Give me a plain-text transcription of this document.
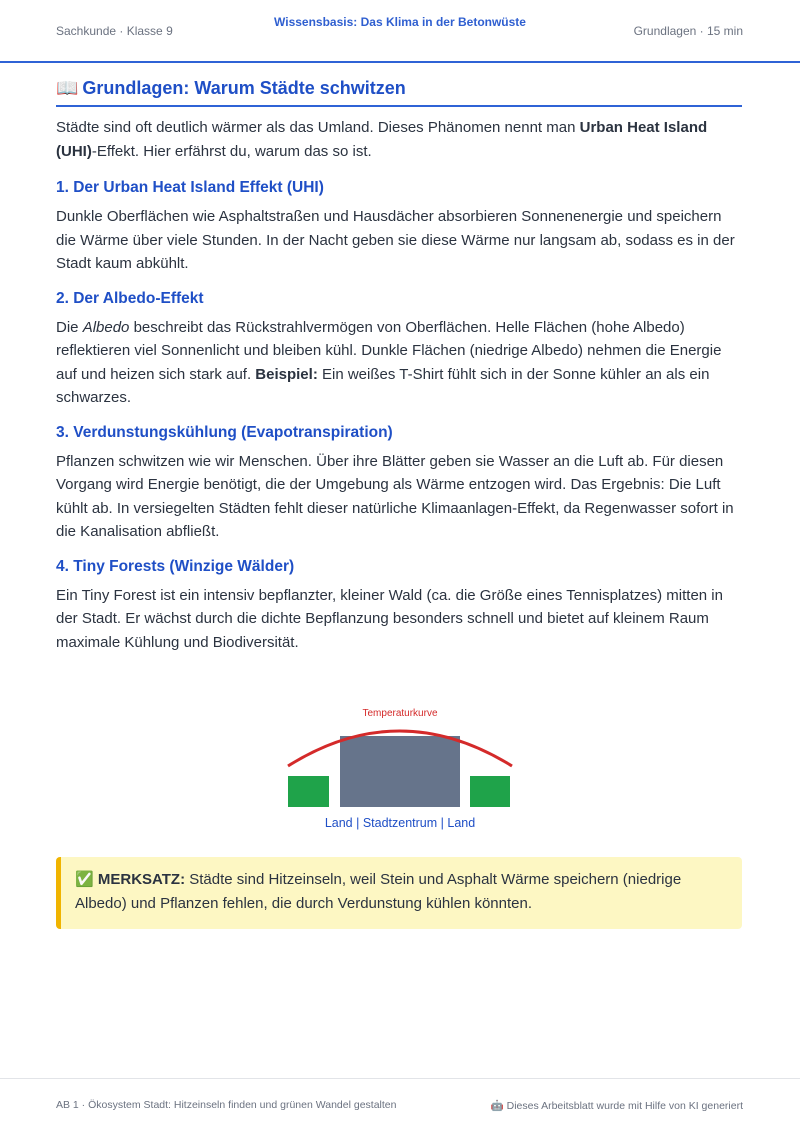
Sachkunde · Klasse 9
Wissensbasis: Das Klima in der Betonwüste
Grundlagen · 15 min
📖 Grundlagen: Warum Städte schwitzen

Städte sind oft deutlich wärmer als das Umland. Dieses Phänomen nennt man Urban Heat Island (UHI)-Effekt. Hier erfährst du, warum das so ist.

1. Der Urban Heat Island Effekt (UHI)

Dunkle Oberflächen wie Asphaltstraßen und Hausdächer absorbieren Sonnenenergie und speichern die Wärme über viele Stunden. In der Nacht geben sie diese Wärme nur langsam ab, sodass es in der Stadt kaum abkühlt.

2. Der Albedo-Effekt

Die Albedo beschreibt das Rückstrahlvermögen von Oberflächen. Helle Flächen (hohe Albedo) reflektieren viel Sonnenlicht und bleiben kühl. Dunkle Flächen (niedrige Albedo) nehmen die Energie auf und heizen sich stark auf. Beispiel: Ein weißes T-Shirt fühlt sich in der Sonne kühler an als ein schwarzes.

3. Verdunstungskühlung (Evapotranspiration)

Pflanzen schwitzen wie wir Menschen. Über ihre Blätter geben sie Wasser an die Luft ab. Für diesen Vorgang wird Energie benötigt, die der Umgebung als Wärme entzogen wird. Das Ergebnis: Die Luft kühlt ab. In versiegelten Städten fehlt dieser natürliche Klimaanlagen-Effekt, da Regenwasser sofort in die Kanalisation abfließt.

4. Tiny Forests (Winzige Wälder)

Ein Tiny Forest ist ein intensiv bepflanzter, kleiner Wald (ca. die Größe eines Tennisplatzes) mitten in der Stadt. Er wächst durch die dichte Bepflanzung besonders schnell und bietet auf kleinem Raum maximale Kühlung und Biodiversität.

Temperaturkurve
Land | Stadtzentrum | Land
✅ MERKSATZ: Städte sind Hitzeinseln, weil Stein und Asphalt Wärme speichern (niedrige Albedo) und Pflanzen fehlen, die durch Verdunstung kühlen könnten.
AB 1 · Ökosystem Stadt: Hitzeinseln finden und grünen Wandel gestalten	🤖 Dieses Arbeitsblatt wurde mit Hilfe von KI generiert
